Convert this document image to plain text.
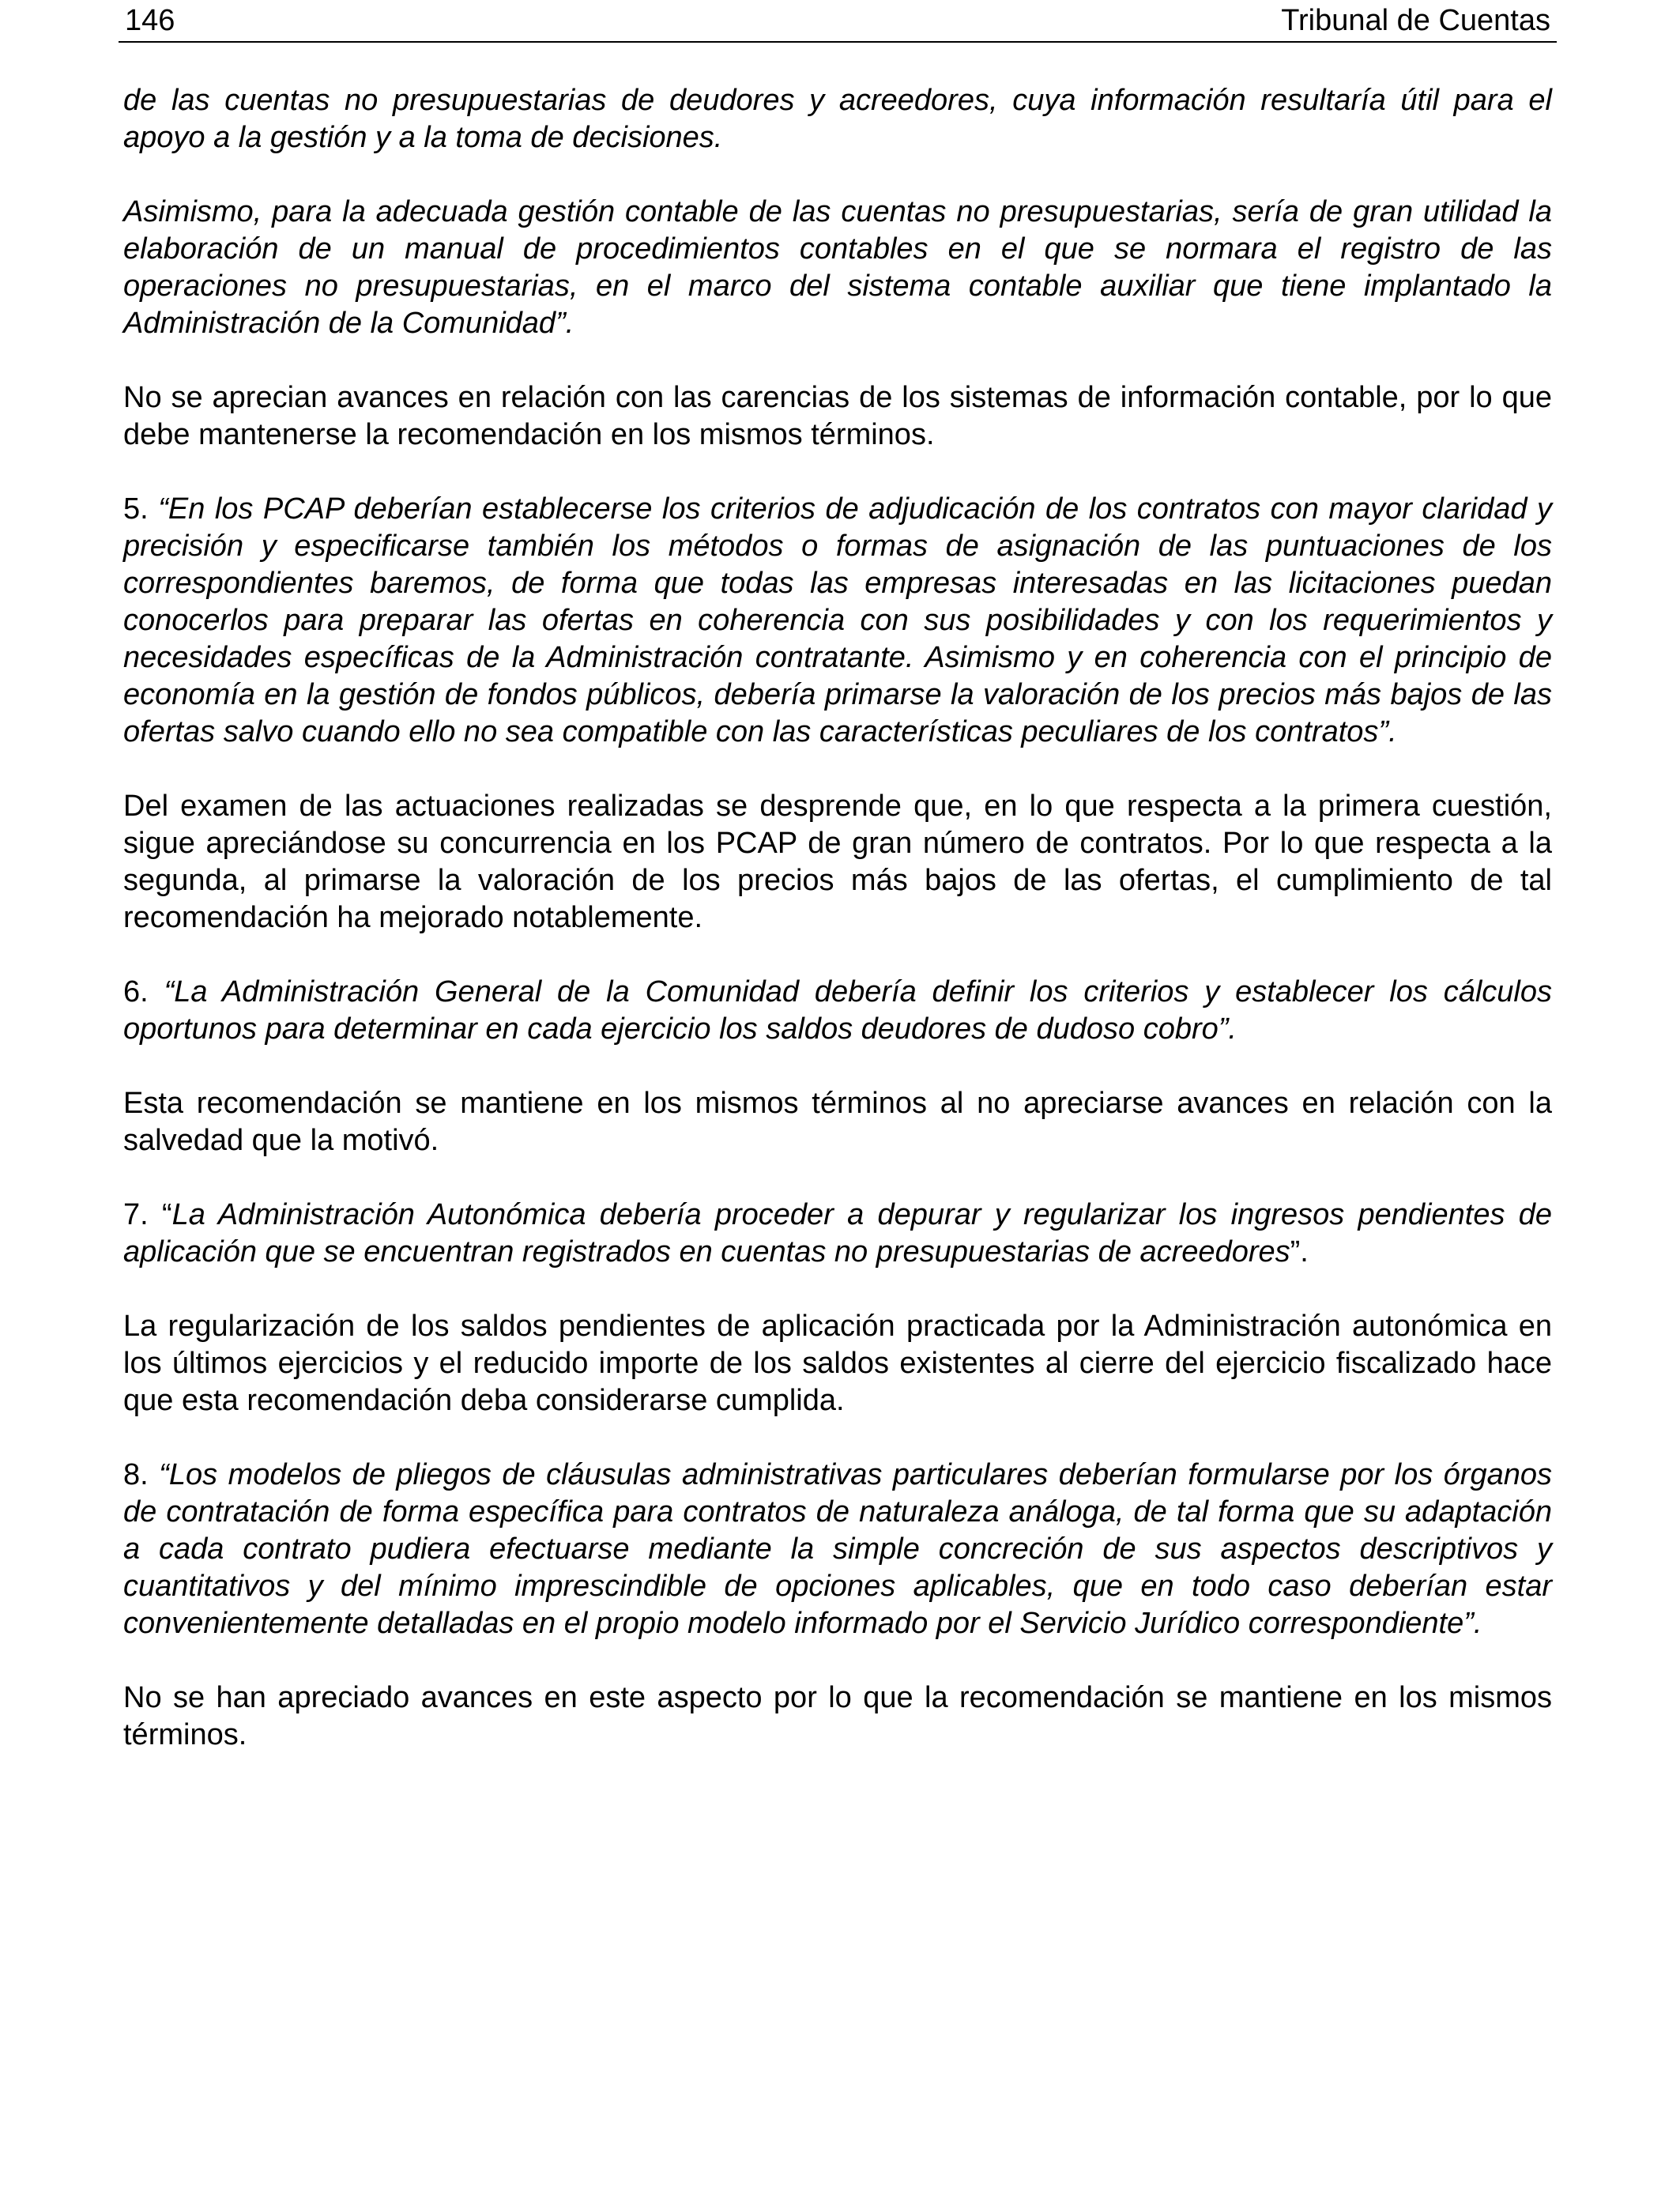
146	Tribunal de Cuentas

de las cuentas no presupuestarias de deudores y acreedores, cuya información resultaría útil para el apoyo a la gestión y a la toma de decisiones.

Asimismo, para la adecuada gestión contable de las cuentas no presupuestarias, sería de gran utilidad la elaboración de un manual de procedimientos contables en el que se normara el registro de las operaciones no presupuestarias, en el marco del sistema contable auxiliar que tiene implantado la Administración de la Comunidad”.

No se aprecian avances en relación con las carencias de los sistemas de información contable, por lo que debe mantenerse la recomendación en los mismos términos.

5. “En los PCAP deberían establecerse los criterios de adjudicación de los contratos con mayor claridad y precisión y especificarse también los métodos o formas de asignación de las puntuaciones de los correspondientes baremos, de forma que todas las empresas interesadas en las licitaciones puedan conocerlos para preparar las ofertas en coherencia con sus posibilidades y con los requerimientos y necesidades específicas de la Administración contratante. Asimismo y en coherencia con el principio de economía en la gestión de fondos públicos, debería primarse la valoración de los precios más bajos de las ofertas salvo cuando ello no sea compatible con las características peculiares de los contratos”.

Del examen de las actuaciones realizadas se desprende que, en lo que respecta a la primera cuestión, sigue apreciándose su concurrencia en los PCAP de gran número de contratos. Por lo que respecta a la segunda, al primarse la valoración de los precios más bajos de las ofertas, el cumplimiento de tal recomendación ha mejorado notablemente.

6. “La Administración General de la Comunidad debería definir los criterios y establecer los cálculos oportunos para determinar en cada ejercicio los saldos deudores de dudoso cobro”.

Esta recomendación se mantiene en los mismos términos al no apreciarse avances en relación con la salvedad que la motivó.

7. “La Administración Autonómica debería proceder a depurar y regularizar los ingresos pendientes de aplicación que se encuentran registrados en cuentas no presupuestarias de acreedores”.

La regularización de los saldos pendientes de aplicación practicada por la Administración autonómica en los últimos ejercicios y el reducido importe de los saldos existentes al cierre del ejercicio fiscalizado hace que esta recomendación deba considerarse cumplida.

8. “Los modelos de pliegos de cláusulas administrativas particulares deberían formularse por los órganos de contratación de forma específica para contratos de naturaleza análoga, de tal forma que su adaptación a cada contrato pudiera efectuarse mediante la simple concreción de sus aspectos descriptivos y cuantitativos y del mínimo imprescindible de opciones aplicables, que en todo caso deberían estar convenientemente detalladas en el propio modelo informado por el Servicio Jurídico correspondiente”.

No se han apreciado avances en este aspecto por lo que la recomendación se mantiene en los mismos términos.
